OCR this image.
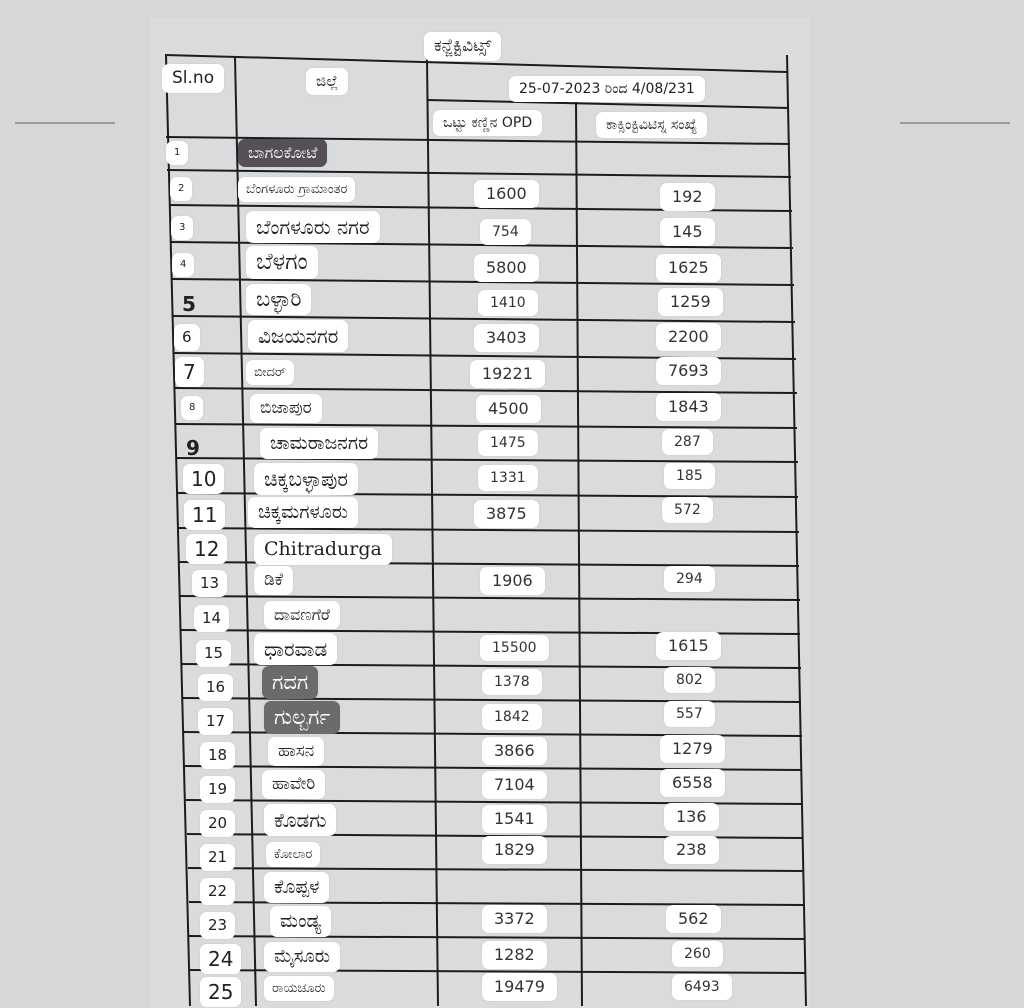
ಕನ್ಜೆಕ್ಟಿವಿಟ್ಸ್
Sl.no	ಜಿಲ್ಲೆ	25-07-2023 ರಿಂದ 4/08/231
ಒಟ್ಟು ಕಣ್ಣಿನ OPD	ಕಾಕ್ಸಿಂಕ್ಟಿವಿಟಿಸ್ನ ಸಂಖ್ಯೆ
1	ಬಾಗಲಕೋಟೆ
2	ಬೆಂಗಳೂರು ಗ್ರಾಮಾಂತರ	1600	192
3	ಬೆಂಗಳೂರು ನಗರ	754	145
4	ಬೆಳಗಂ	5800	1625
5	ಬಳ್ಳಾರಿ	1410	1259
6	ವಿಜಯನಗರ	3403	2200
7	ಬೀದರ್	19221	7693
8	ಬಿಜಾಪುರ	4500	1843
9	ಚಾಮರಾಜನಗರ	1475	287
10	ಚಿಕ್ಕಬಳ್ಳಾಪುರ	1331	185
11	ಚಿಕ್ಕಮಗಳೂರು	3875	572
12	Chitradurga
13	ಡಿಕೆ	1906	294
14	ದಾವಣಗೆರೆ
15	ಧಾರವಾಡ	15500	1615
16	ಗದಗ	1378	802
17	ಗುಲ್ಬರ್ಗ	1842	557
18	ಹಾಸನ	3866	1279
19	ಹಾವೇರಿ	7104	6558
20	ಕೊಡಗು	1541	136
21	ಕೋಲಾರ	1829	238
22	ಕೊಪ್ಪಳ
23	ಮಂಡ್ಯ	3372	562
24	ಮೈಸೂರು	1282	260
25	ರಾಯಚೂರು	19479	6493
